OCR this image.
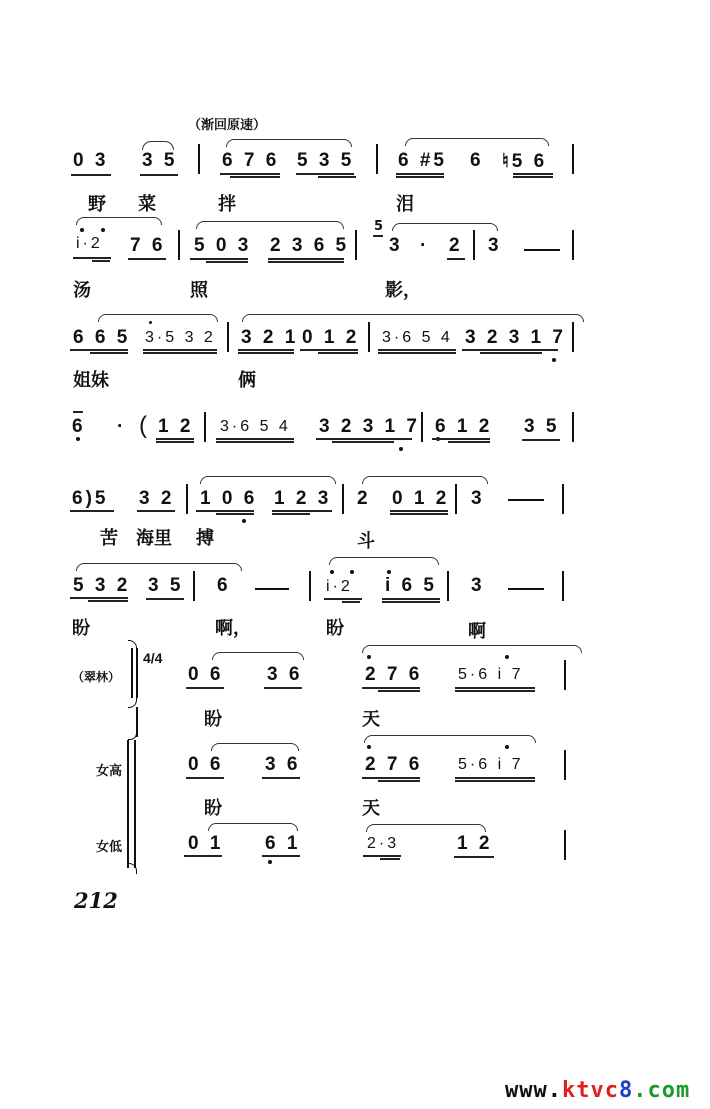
（渐回原速）
0 3 3 5 6 7 6 5 3 5 6 #5 6 ♮5 6
野 菜	拌	泪
i·2 7 6 5 0 3 2 3 6 5
5
3 · 2 3
汤	照	影，
6 6 5 3·5 3 2 3 2 1 0 1 2 3·6 5 4 3 2 3 1 7
姐妹	俩
6 · ( 1 2 3·6 5 4 3 2 3 1 7 6 1 2 3 5
6)5 3 2 1 0 6 1 2 3 2 0 1 2 3
苦 海里 搏	斗
5 3 2 3 5 6	i·2 i 6 5 3
盼	啊，	盼	啊
4/4
（翠林）	0 6 3 6	2 7 6 5·6 i 7
盼	天
女高	0 6 3 6	2 7 6 5·6 i 7
盼	天
女低	0 1 6 1	2·3	1 2
212
www.ktvc8.com
